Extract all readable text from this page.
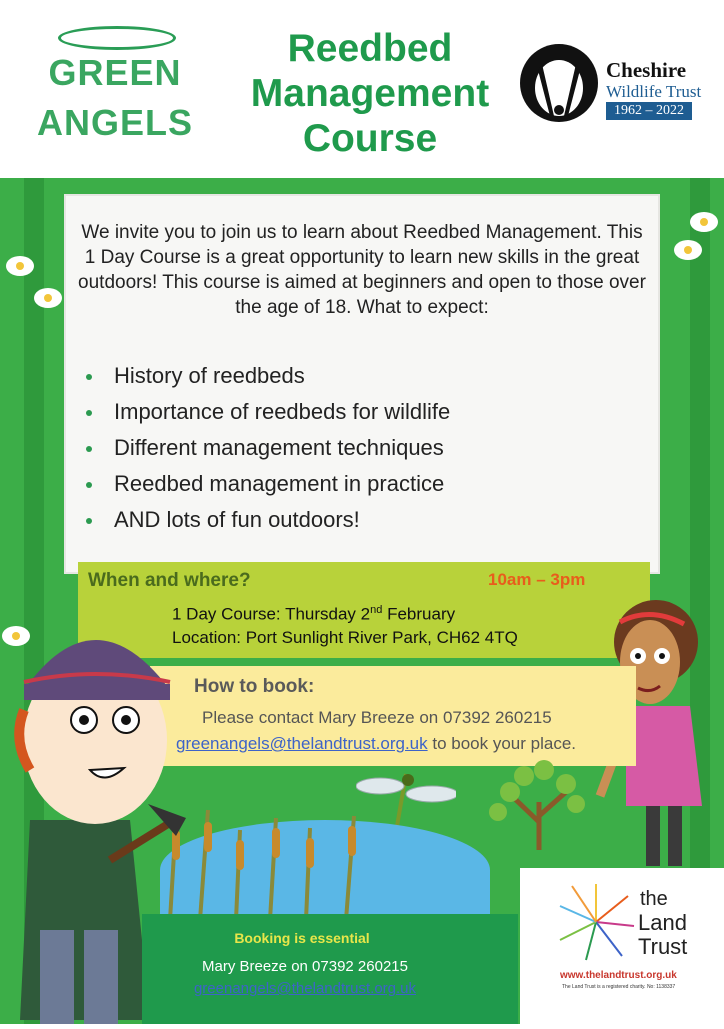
GREEN
ANGELS
Reedbed
Management
Course
Cheshire
Wildlife Trust
1962 – 2022

We invite you to join us to learn about Reedbed Management. This 1 Day Course is a great opportunity to learn new skills in the great outdoors! This course is aimed at beginners and open to those over the age of 18. What to expect:

History of reedbeds
Importance of reedbeds for wildlife
Different management techniques
Reedbed management in practice
AND lots of fun outdoors!
When and where?	10am – 3pm
1 Day Course: Thursday 2nd February
Location: Port Sunlight River Park, CH62 4TQ
How to book:
Please contact Mary Breeze on 07392 260215
greenangels@thelandtrust.org.uk to book your place.
Booking is essential
Mary Breeze on 07392 260215
greenangels@thelandtrust.org.uk
the
Land
Trust
www.thelandtrust.org.uk
The Land Trust is a registered charity. No: 1138337
